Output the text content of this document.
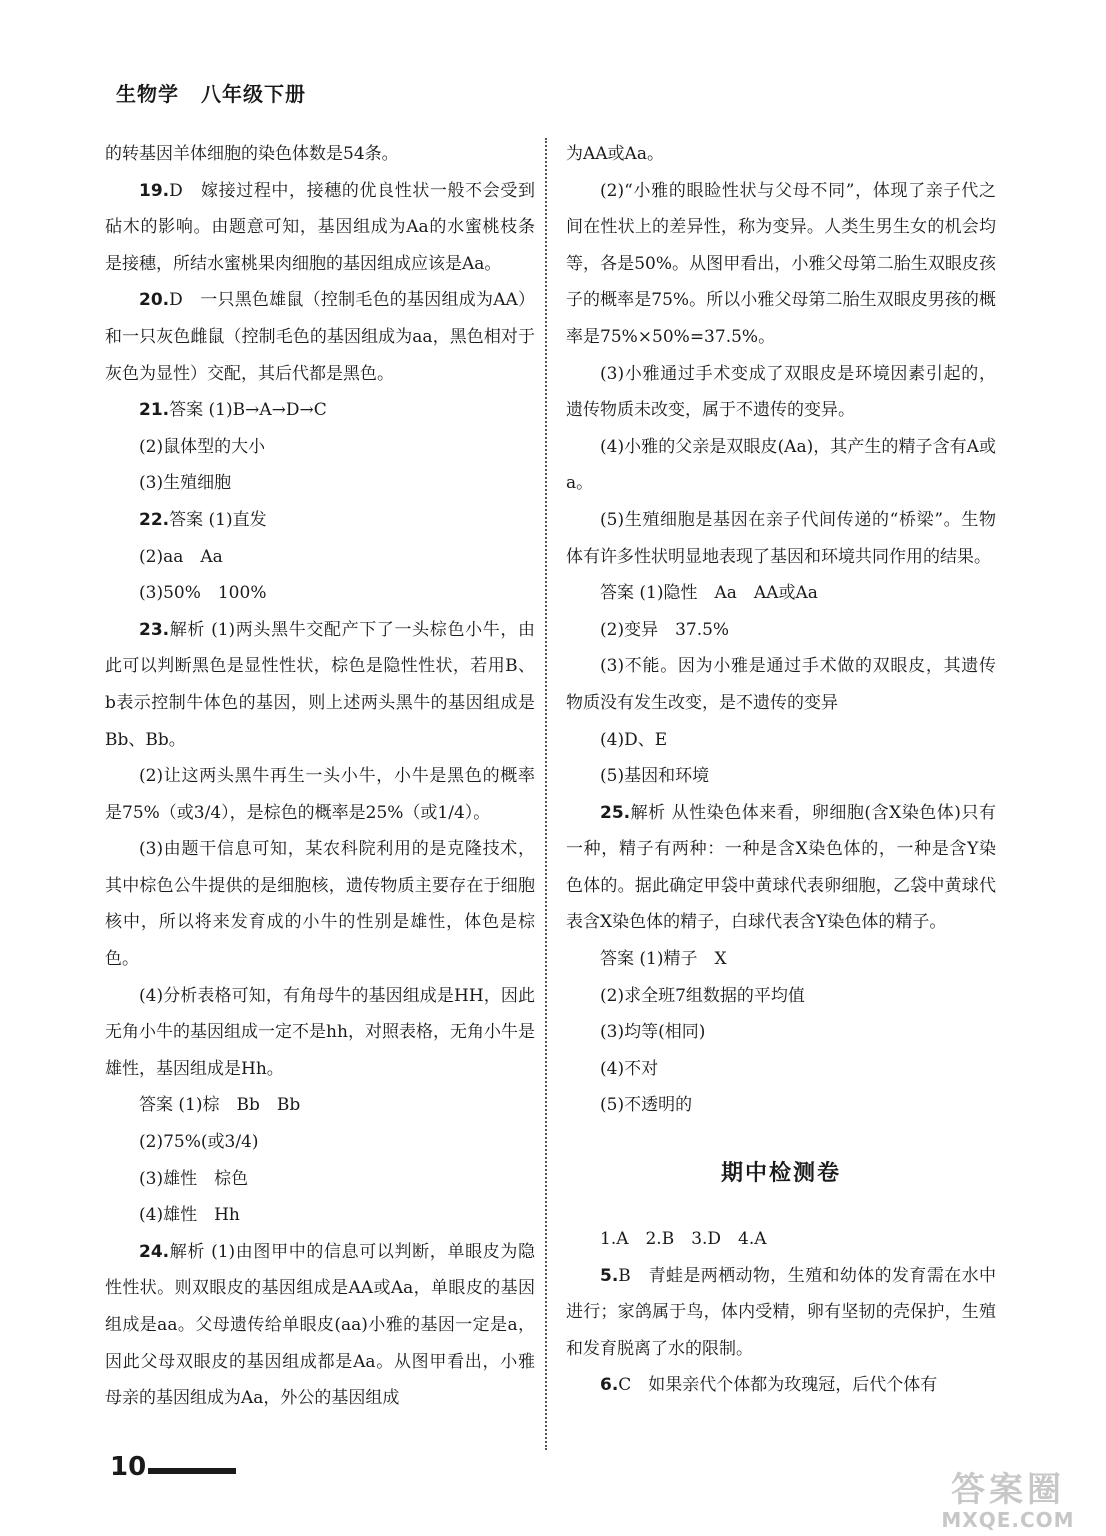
生物学 八年级下册

的转基因羊体细胞的染色体数是54条。

19.D　嫁接过程中，接穗的优良性状一般不会受到砧木的影响。由题意可知，基因组成为Aa的水蜜桃枝条是接穗，所结水蜜桃果肉细胞的基因组成应该是Aa。

20.D　一只黑色雄鼠（控制毛色的基因组成为AA）和一只灰色雌鼠（控制毛色的基因组成为aa，黑色相对于灰色为显性）交配，其后代都是黑色。

21.答案 (1)B→A→D→C

(2)鼠体型的大小

(3)生殖细胞

22.答案 (1)直发

(2)aa　Aa

(3)50%　100%

23.解析 (1)两头黑牛交配产下了一头棕色小牛，由此可以判断黑色是显性性状，棕色是隐性性状，若用B、b表示控制牛体色的基因，则上述两头黑牛的基因组成是Bb、Bb。

(2)让这两头黑牛再生一头小牛，小牛是黑色的概率是75%（或3/4），是棕色的概率是25%（或1/4）。

(3)由题干信息可知，某农科院利用的是克隆技术，其中棕色公牛提供的是细胞核，遗传物质主要存在于细胞核中，所以将来发育成的小牛的性别是雄性，体色是棕色。

(4)分析表格可知，有角母牛的基因组成是HH，因此无角小牛的基因组成一定不是hh，对照表格，无角小牛是雄性，基因组成是Hh。

答案 (1)棕　Bb　Bb

(2)75%(或3/4)

(3)雄性　棕色

(4)雄性　Hh

24.解析 (1)由图甲中的信息可以判断，单眼皮为隐性性状。则双眼皮的基因组成是AA或Aa，单眼皮的基因组成是aa。父母遗传给单眼皮(aa)小雅的基因一定是a，因此父母双眼皮的基因组成都是Aa。从图甲看出，小雅母亲的基因组成为Aa，外公的基因组成

为AA或Aa。

(2)“小雅的眼睑性状与父母不同”，体现了亲子代之间在性状上的差异性，称为变异。人类生男生女的机会均等，各是50%。从图甲看出，小雅父母第二胎生双眼皮孩子的概率是75%。所以小雅父母第二胎生双眼皮男孩的概率是75%×50%=37.5%。

(3)小雅通过手术变成了双眼皮是环境因素引起的，遗传物质未改变，属于不遗传的变异。

(4)小雅的父亲是双眼皮(Aa)，其产生的精子含有A或a。

(5)生殖细胞是基因在亲子代间传递的“桥梁”。生物体有许多性状明显地表现了基因和环境共同作用的结果。

答案 (1)隐性　Aa　AA或Aa

(2)变异　37.5%

(3)不能。因为小雅是通过手术做的双眼皮，其遗传物质没有发生改变，是不遗传的变异

(4)D、E

(5)基因和环境

25.解析 从性染色体来看，卵细胞(含X染色体)只有一种，精子有两种：一种是含X染色体的，一种是含Y染色体的。据此确定甲袋中黄球代表卵细胞，乙袋中黄球代表含X染色体的精子，白球代表含Y染色体的精子。

答案 (1)精子　X

(2)求全班7组数据的平均值

(3)均等(相同)

(4)不对

(5)不透明的

期中检测卷

1.A　2.B　3.D　4.A

5.B　青蛙是两栖动物，生殖和幼体的发育需在水中进行；家鸽属于鸟，体内受精，卵有坚韧的壳保护，生殖和发育脱离了水的限制。

6.C　如果亲代个体都为玫瑰冠，后代个体有

10
答案圈
MXQE.COM
